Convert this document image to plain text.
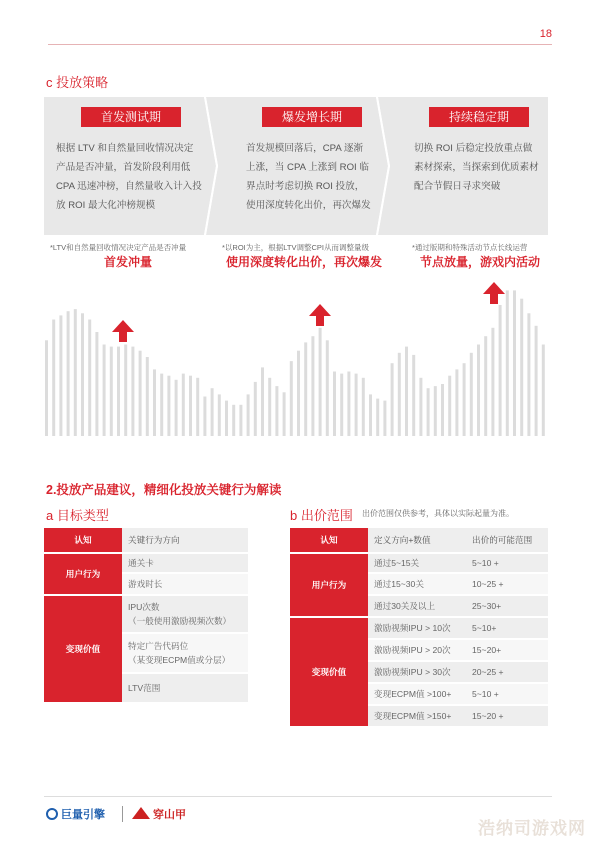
18
c 投放策略
首发测试期
根据 LTV 和自然量回收情况决定
产品是否冲量，首发阶段利用低
CPA 迅速冲榜，自然量收入计入投
放 ROI 最大化冲榜规模
爆发增长期
首发规模回落后，CPA 逐渐
上涨，当 CPA 上涨到 ROI 临
界点时考虑切换 ROI 投放，
使用深度转化出价，再次爆发
持续稳定期
切换 ROI 后稳定投放重点做
素材探索，当探索到优质素材
配合节假日寻求突破
*LTV和自然量回收情况决定产品是否冲量
首发冲量
*以ROI为主，根据LTV调整CPI从而调整量级
使用深度转化出价，再次爆发
*通过版期和特殊活动节点长线运营
节点放量，游戏内活动
2.投放产品建议，精细化投放关键行为解读
a 目标类型	b 出价范围 出价范围仅供参考，具体以实际起量为准。
认知	关键行为方向
用户行为	通关卡
	游戏时长
变现价值	IPU次数
（一般使用激励视频次数）
	特定广告代码位
（某变现ECPM值或分层）
	LTV范围
认知	定义方向+数值	出价的可能范围
用户行为	通过5~15关	5~10 +
	通过15~30关	10~25 +
	通过30关及以上	25~30+
变现价值	激励视频IPU > 10次	5~10+
	激励视频IPU > 20次	15~20+
	激励视频IPU > 30次	20~25 +
	变现ECPM值 >100+	5~10 +
	变现ECPM值 >150+	15~20 +
巨量引擎	穿山甲
浩纳司游戏网
